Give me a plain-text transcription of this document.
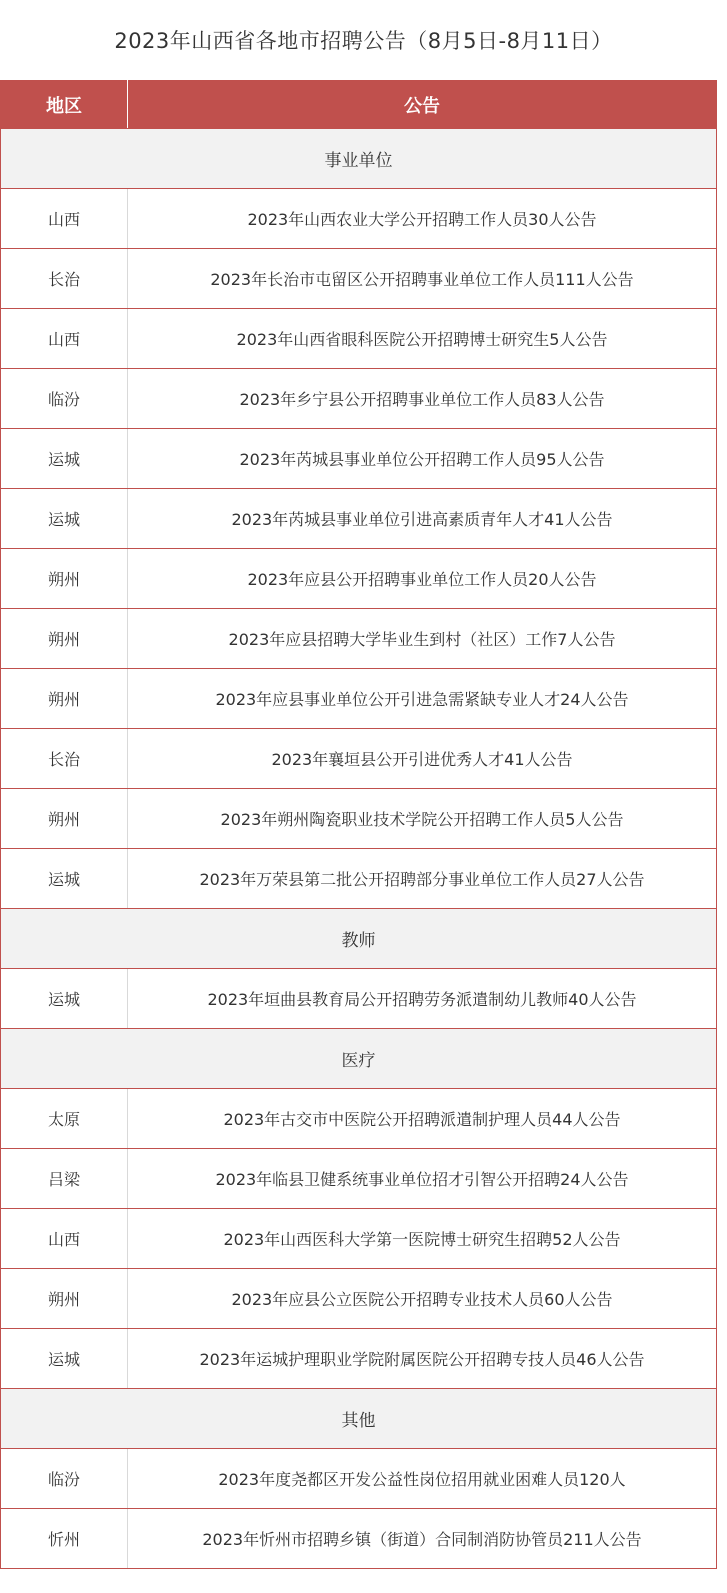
2023年山西省各地市招聘公告（8月5日-8月11日）
地区	公告
事业单位	
山西	2023年山西农业大学公开招聘工作人员30人公告
长治	2023年长治市屯留区公开招聘事业单位工作人员111人公告
山西	2023年山西省眼科医院公开招聘博士研究生5人公告
临汾	2023年乡宁县公开招聘事业单位工作人员83人公告
运城	2023年芮城县事业单位公开招聘工作人员95人公告
运城	2023年芮城县事业单位引进高素质青年人才41人公告
朔州	2023年应县公开招聘事业单位工作人员20人公告
朔州	2023年应县招聘大学毕业生到村（社区）工作7人公告
朔州	2023年应县事业单位公开引进急需紧缺专业人才24人公告
长治	2023年襄垣县公开引进优秀人才41人公告
朔州	2023年朔州陶瓷职业技术学院公开招聘工作人员5人公告
运城	2023年万荣县第二批公开招聘部分事业单位工作人员27人公告
教师	
运城	2023年垣曲县教育局公开招聘劳务派遣制幼儿教师40人公告
医疗	
太原	2023年古交市中医院公开招聘派遣制护理人员44人公告
吕梁	2023年临县卫健系统事业单位招才引智公开招聘24人公告
山西	2023年山西医科大学第一医院博士研究生招聘52人公告
朔州	2023年应县公立医院公开招聘专业技术人员60人公告
运城	2023年运城护理职业学院附属医院公开招聘专技人员46人公告
其他	
临汾	2023年度尧都区开发公益性岗位招用就业困难人员120人
忻州	2023年忻州市招聘乡镇（街道）合同制消防协管员211人公告
